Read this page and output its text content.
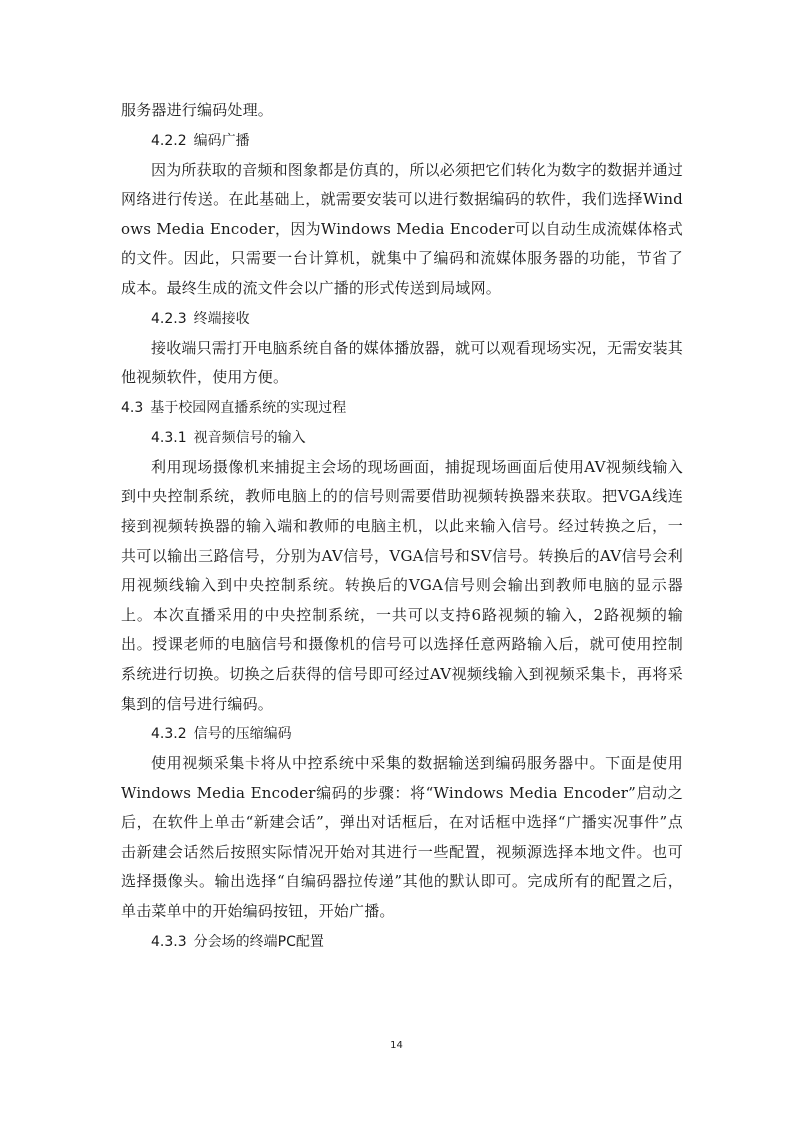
服务器进行编码处理。

4.2.2 编码广播

因为所获取的音频和图象都是仿真的，所以必须把它们转化为数字的数据并通过网络进行传送。在此基础上，就需要安装可以进行数据编码的软件，我们选择Windows Media Encoder，因为Windows Media Encoder可以自动生成流媒体格式的文件。因此，只需要一台计算机，就集中了编码和流媒体服务器的功能，节省了成本。最终生成的流文件会以广播的形式传送到局域网。

4.2.3 终端接收

接收端只需打开电脑系统自备的媒体播放器，就可以观看现场实况，无需安装其他视频软件，使用方便。

4.3 基于校园网直播系统的实现过程
4.3.1 视音频信号的输入

利用现场摄像机来捕捉主会场的现场画面，捕捉现场画面后使用AV视频线输入到中央控制系统，教师电脑上的的信号则需要借助视频转换器来获取。把VGA线连接到视频转换器的输入端和教师的电脑主机，以此来输入信号。经过转换之后，一共可以输出三路信号，分别为AV信号，VGA信号和SV信号。转换后的AV信号会利用视频线输入到中央控制系统。转换后的VGA信号则会输出到教师电脑的显示器上。本次直播采用的中央控制系统，一共可以支持6路视频的输入，2路视频的输出。授课老师的电脑信号和摄像机的信号可以选择任意两路输入后，就可使用控制系统进行切换。切换之后获得的信号即可经过AV视频线输入到视频采集卡，再将采集到的信号进行编码。

4.3.2 信号的压缩编码

使用视频采集卡将从中控系统中采集的数据输送到编码服务器中。下面是使用Windows Media Encoder编码的步骤：将“Windows Media Encoder”启动之后，在软件上单击“新建会话”，弹出对话框后，在对话框中选择“广播实况事件”点击新建会话然后按照实际情况开始对其进行一些配置，视频源选择本地文件。也可选择摄像头。输出选择“自编码器拉传递”其他的默认即可。完成所有的配置之后，单击菜单中的开始编码按钮，开始广播。

4.3.3 分会场的终端PC配置
14
